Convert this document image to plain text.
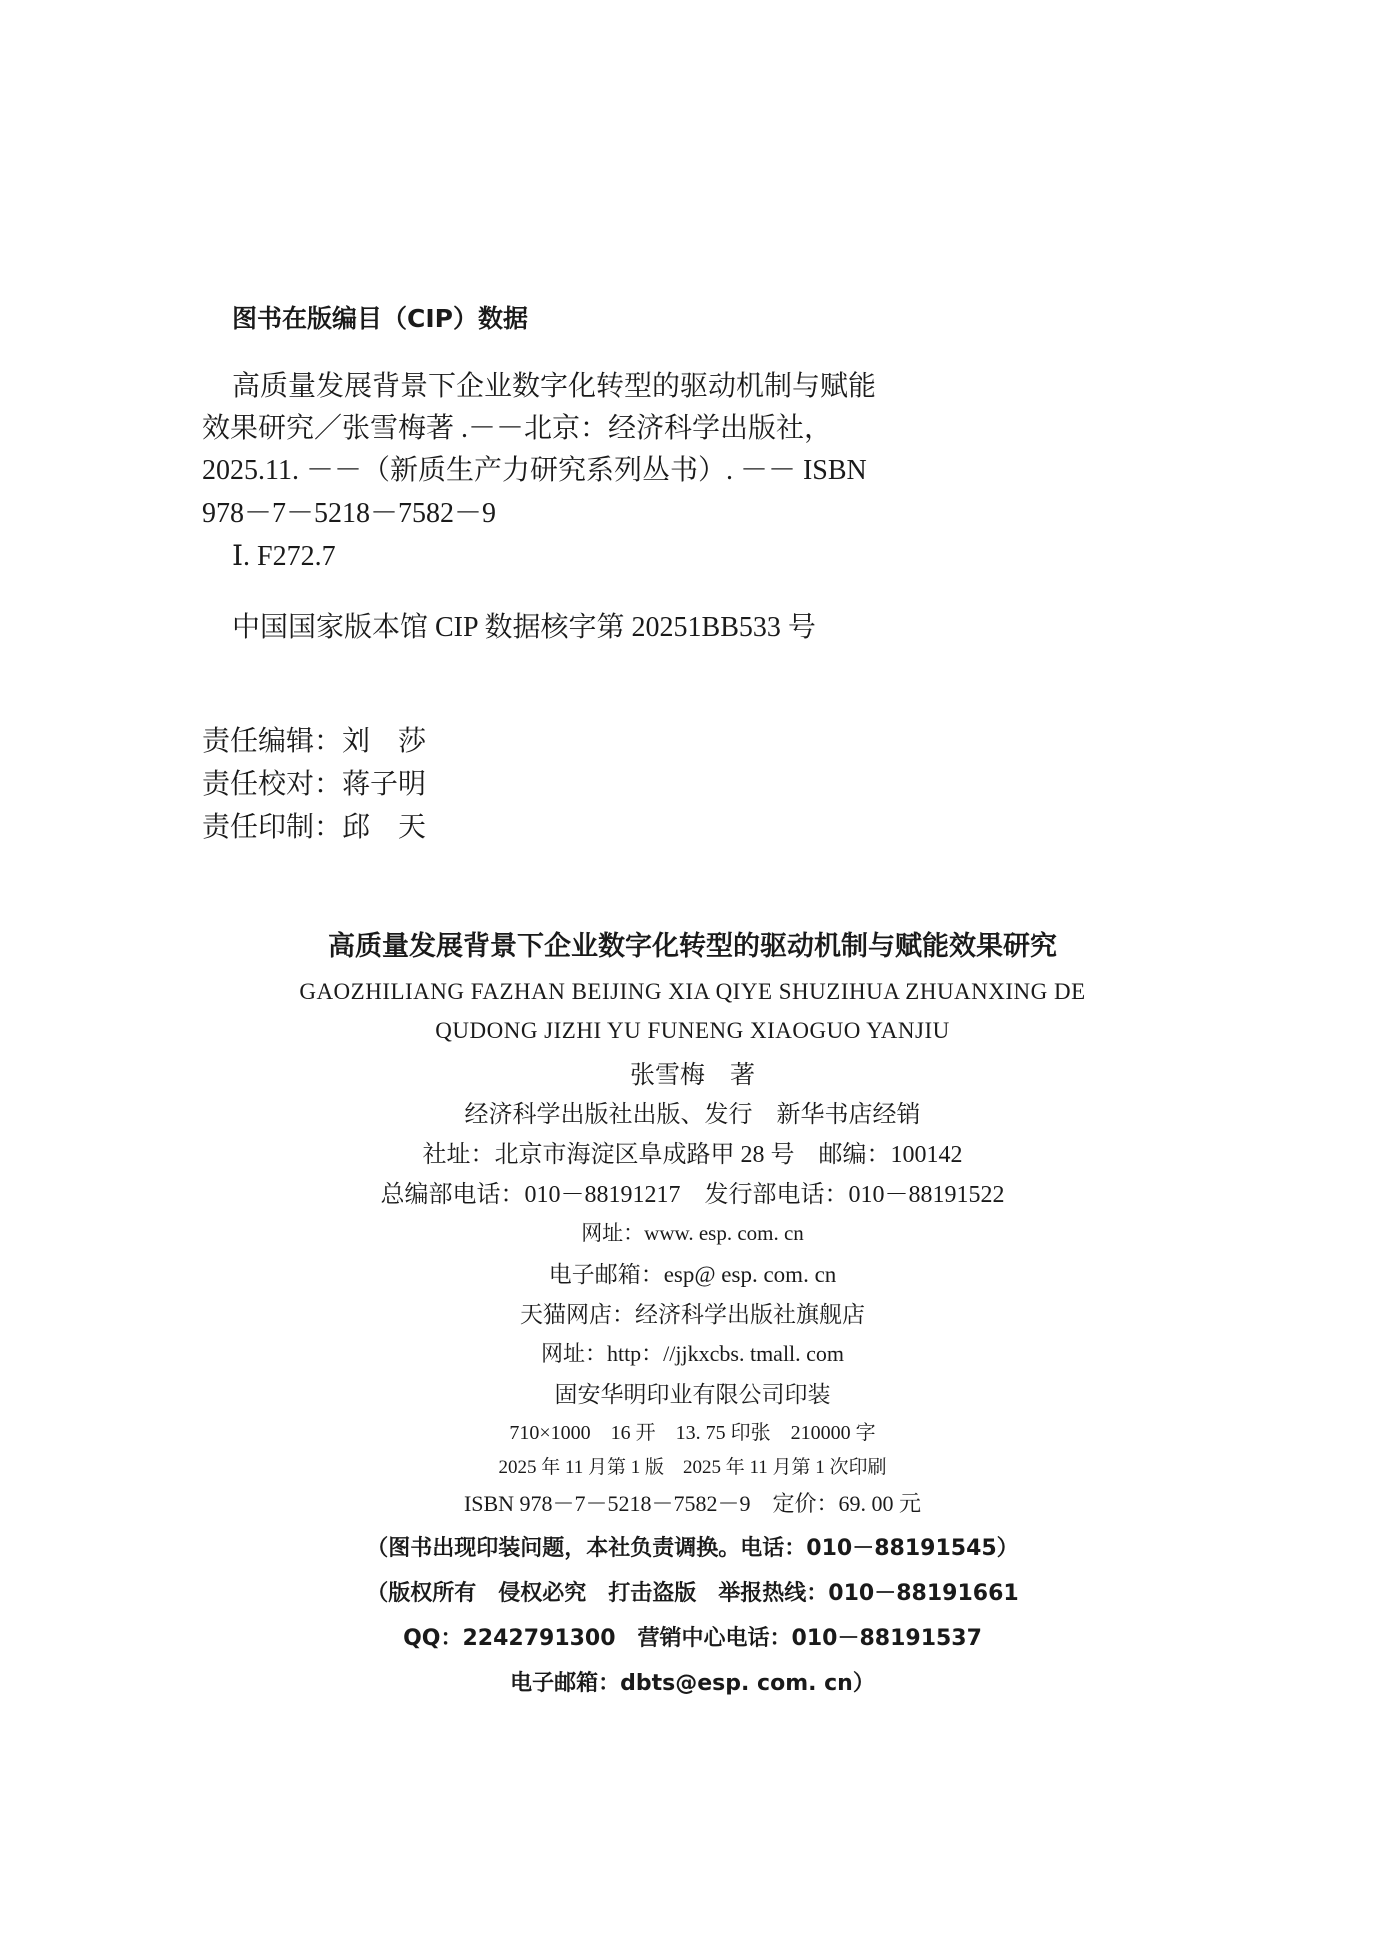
图书在版编目（CIP）数据
高质量发展背景下企业数字化转型的驱动机制与赋能
效果研究／张雪梅著 .－－北京：经济科学出版社，
2025.11. －－（新质生产力研究系列丛书）. －－ ISBN
978－7－5218－7582－9
Ⅰ. F272.7
中国国家版本馆 CIP 数据核字第 20251BB533 号
责任编辑：刘　莎
责任校对：蒋子明
责任印制：邱　天
高质量发展背景下企业数字化转型的驱动机制与赋能效果研究
GAOZHILIANG FAZHAN BEIJING XIA QIYE SHUZIHUA ZHUANXING DE
QUDONG JIZHI YU FUNENG XIAOGUO YANJIU
张雪梅　著
经济科学出版社出版、发行　新华书店经销
社址：北京市海淀区阜成路甲 28 号　邮编：100142
总编部电话：010－88191217　发行部电话：010－88191522
网址：www. esp. com. cn
电子邮箱：esp@ esp. com. cn
天猫网店：经济科学出版社旗舰店
网址：http：//jjkxcbs. tmall. com
固安华明印业有限公司印装
710×1000　16 开　13. 75 印张　210000 字
2025 年 11 月第 1 版　2025 年 11 月第 1 次印刷
ISBN 978－7－5218－7582－9　定价：69. 00 元
（图书出现印装问题，本社负责调换。电话：010－88191545）
（版权所有　侵权必究　打击盗版　举报热线：010－88191661
QQ：2242791300　营销中心电话：010－88191537
电子邮箱：dbts@esp. com. cn）
